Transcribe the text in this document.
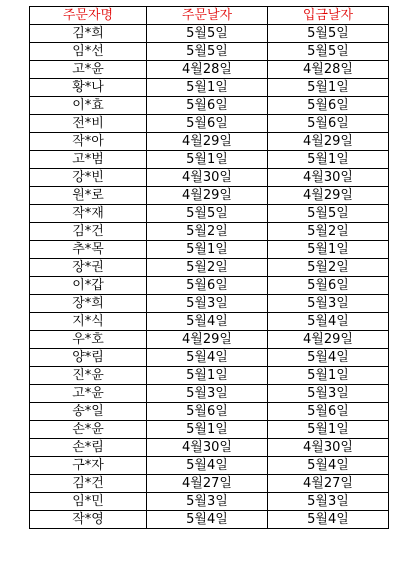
주문자명	주문날자	입금날자
김*희	5월5일	5월5일
임*선	5월5일	5월5일
고*윤	4월28일	4월28일
황*나	5월1일	5월1일
이*효	5월6일	5월6일
전*비	5월6일	5월6일
작*아	4월29일	4월29일
고*범	5월1일	5월1일
강*빈	4월30일	4월30일
원*로	4월29일	4월29일
작*재	5월5일	5월5일
김*건	5월2일	5월2일
추*목	5월1일	5월1일
장*권	5월2일	5월2일
이*갑	5월6일	5월6일
장*희	5월3일	5월3일
지*식	5월4일	5월4일
우*호	4월29일	4월29일
양*림	5월4일	5월4일
진*윤	5월1일	5월1일
고*윤	5월3일	5월3일
송*일	5월6일	5월6일
손*윤	5월1일	5월1일
손*림	4월30일	4월30일
구*자	5월4일	5월4일
김*건	4월27일	4월27일
임*민	5월3일	5월3일
작*영	5월4일	5월4일
